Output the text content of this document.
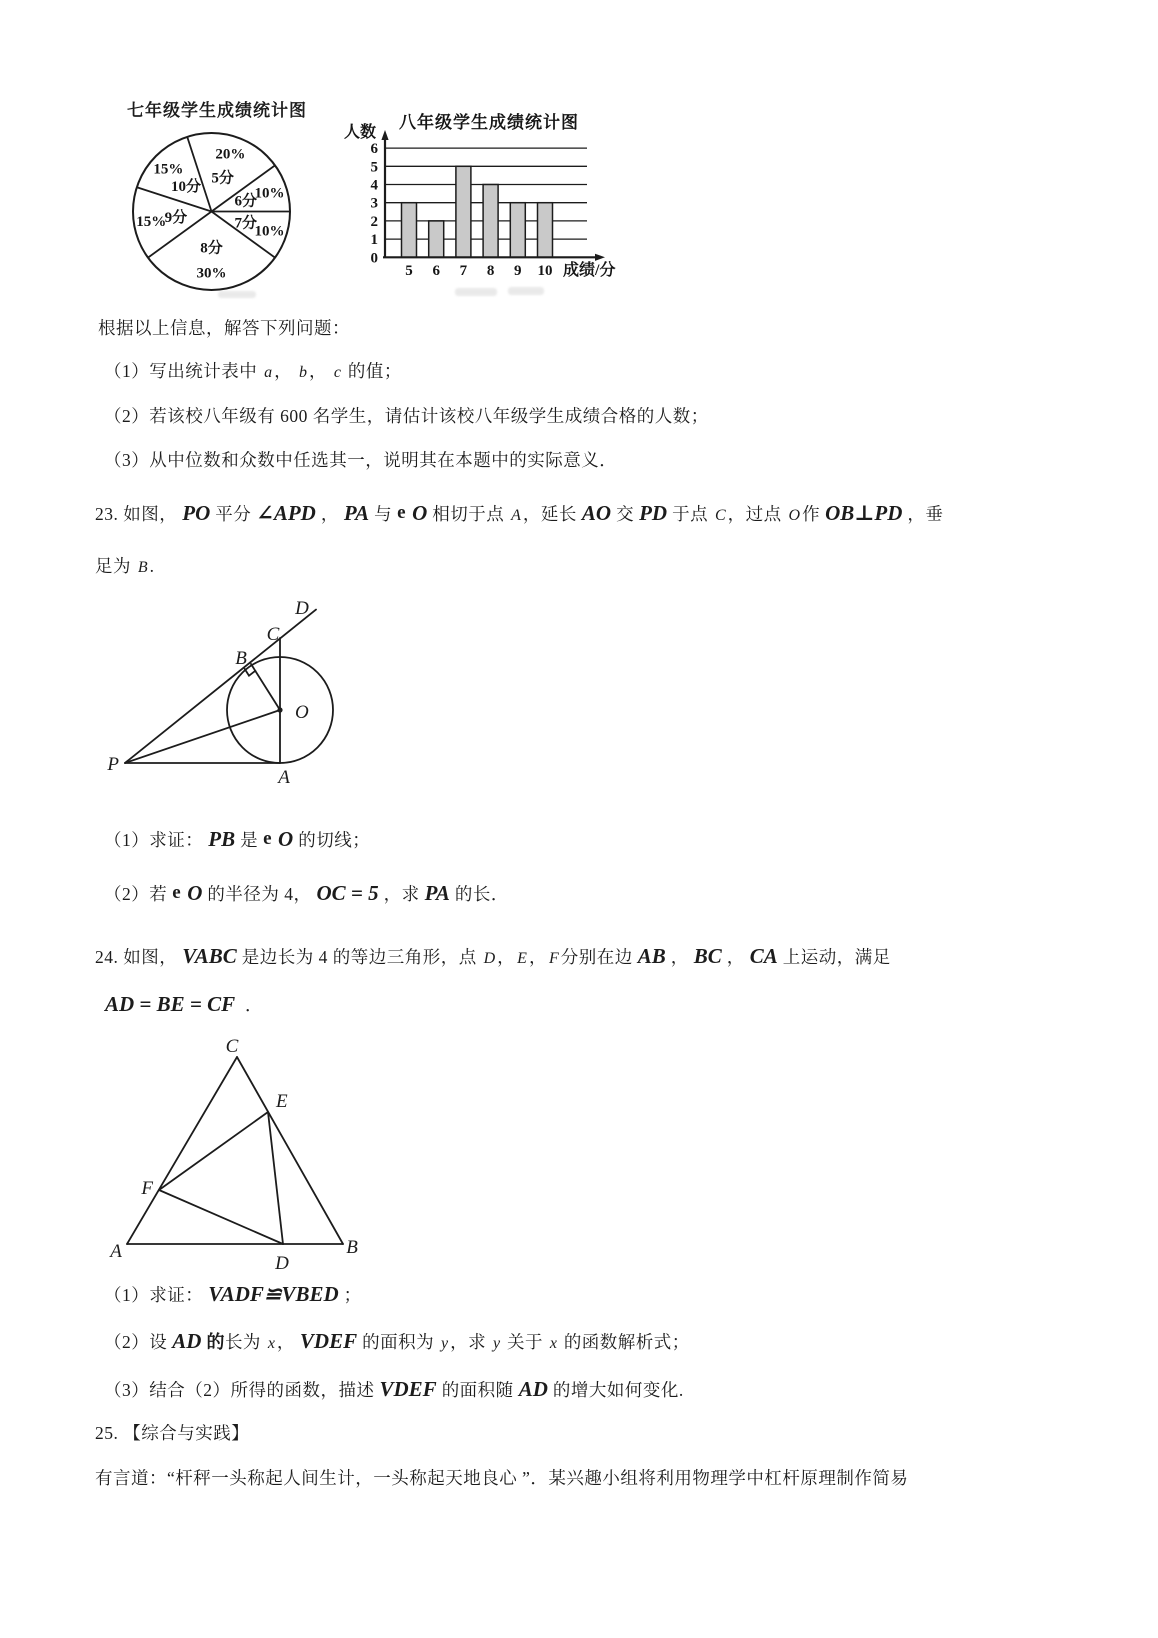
七年级学生成绩统计图
6分
10%
5分
20%
10分
15%
9分
15%
8分
30%
7分
10%
八年级学生成绩统计图
人数
成绩/分
0
1
2
3
4
5
6
5 6 7 8 9 10

根据以上信息，解答下列问题：

（1）写出统计表中 a ， b ， c 的值；

（2）若该校八年级有 600 名学生，请估计该校八年级学生成绩合格的人数；

（3）从中位数和众数中任选其一，说明其在本题中的实际意义．

23. 如图， PO 平分 ∠APD ， PA 与 e O 相切于点 A ，延长 AO 交 PD 于点 C ，过点 O 作 OB⊥PD ，垂

足为 B .

D
C
B
O
P
A

（1）求证： PB 是 e O 的切线；

（2）若 e O 的半径为 4， OC = 5 ，求 PA 的长．

24. 如图， VABC 是边长为 4 的等边三角形，点 D ， E ， F 分别在边 AB ， BC ， CA 上运动，满足

AD = BE = CF ．

C
E
F
A	B
D

（1）求证： VADF≌VBED ；

（2）设 AD 的长为 x ， VDEF 的面积为 y ，求 y 关于 x 的函数解析式；

（3）结合（2）所得的函数，描述 VDEF 的面积随 AD 的增大如何变化.

25. 【综合与实践】

有言道：“杆秤一头称起人间生计，一头称起天地良心 ”．某兴趣小组将利用物理学中杠杆原理制作简易
